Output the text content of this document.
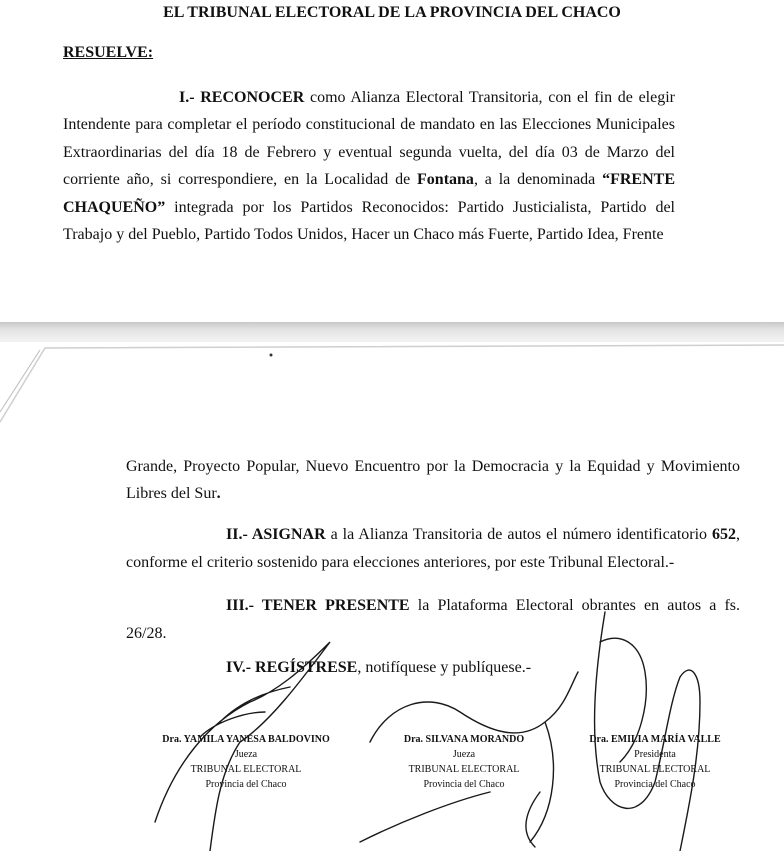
EL TRIBUNAL ELECTORAL DE LA PROVINCIA DEL CHACO
RESUELVE:
I.- RECONOCER como Alianza Electoral Transitoria, con el fin de elegir Intendente para completar el período constitucional de mandato en las Elecciones Municipales Extraordinarias del día 18 de Febrero y eventual segunda vuelta, del día 03 de Marzo del corriente año, si correspondiere, en la Localidad de Fontana, a la denominada “FRENTE CHAQUEÑO” integrada por los Partidos Reconocidos: Partido Justicialista, Partido del Trabajo y del Pueblo, Partido Todos Unidos, Hacer un Chaco más Fuerte, Partido Idea, Frente
Grande, Proyecto Popular, Nuevo Encuentro por la Democracia y la Equidad y Movimiento Libres del Sur.
II.- ASIGNAR a la Alianza Transitoria de autos el número identificatorio 652, conforme el criterio sostenido para elecciones anteriores, por este Tribunal Electoral.-
III.- TENER PRESENTE la Plataforma Electoral obrantes en autos a fs. 26/28.
IV.- REGÍSTRESE, notifíquese y publíquese.-
Dra. YAMILA YANESA BALDOVINO
Jueza
TRIBUNAL ELECTORAL
Provincia del Chaco
Dra. SILVANA MORANDO
Jueza
TRIBUNAL ELECTORAL
Provincia del Chaco
Dra. EMILIA MARÍA VALLE
Presidenta
TRIBUNAL ELECTORAL
Provincia del Chaco
